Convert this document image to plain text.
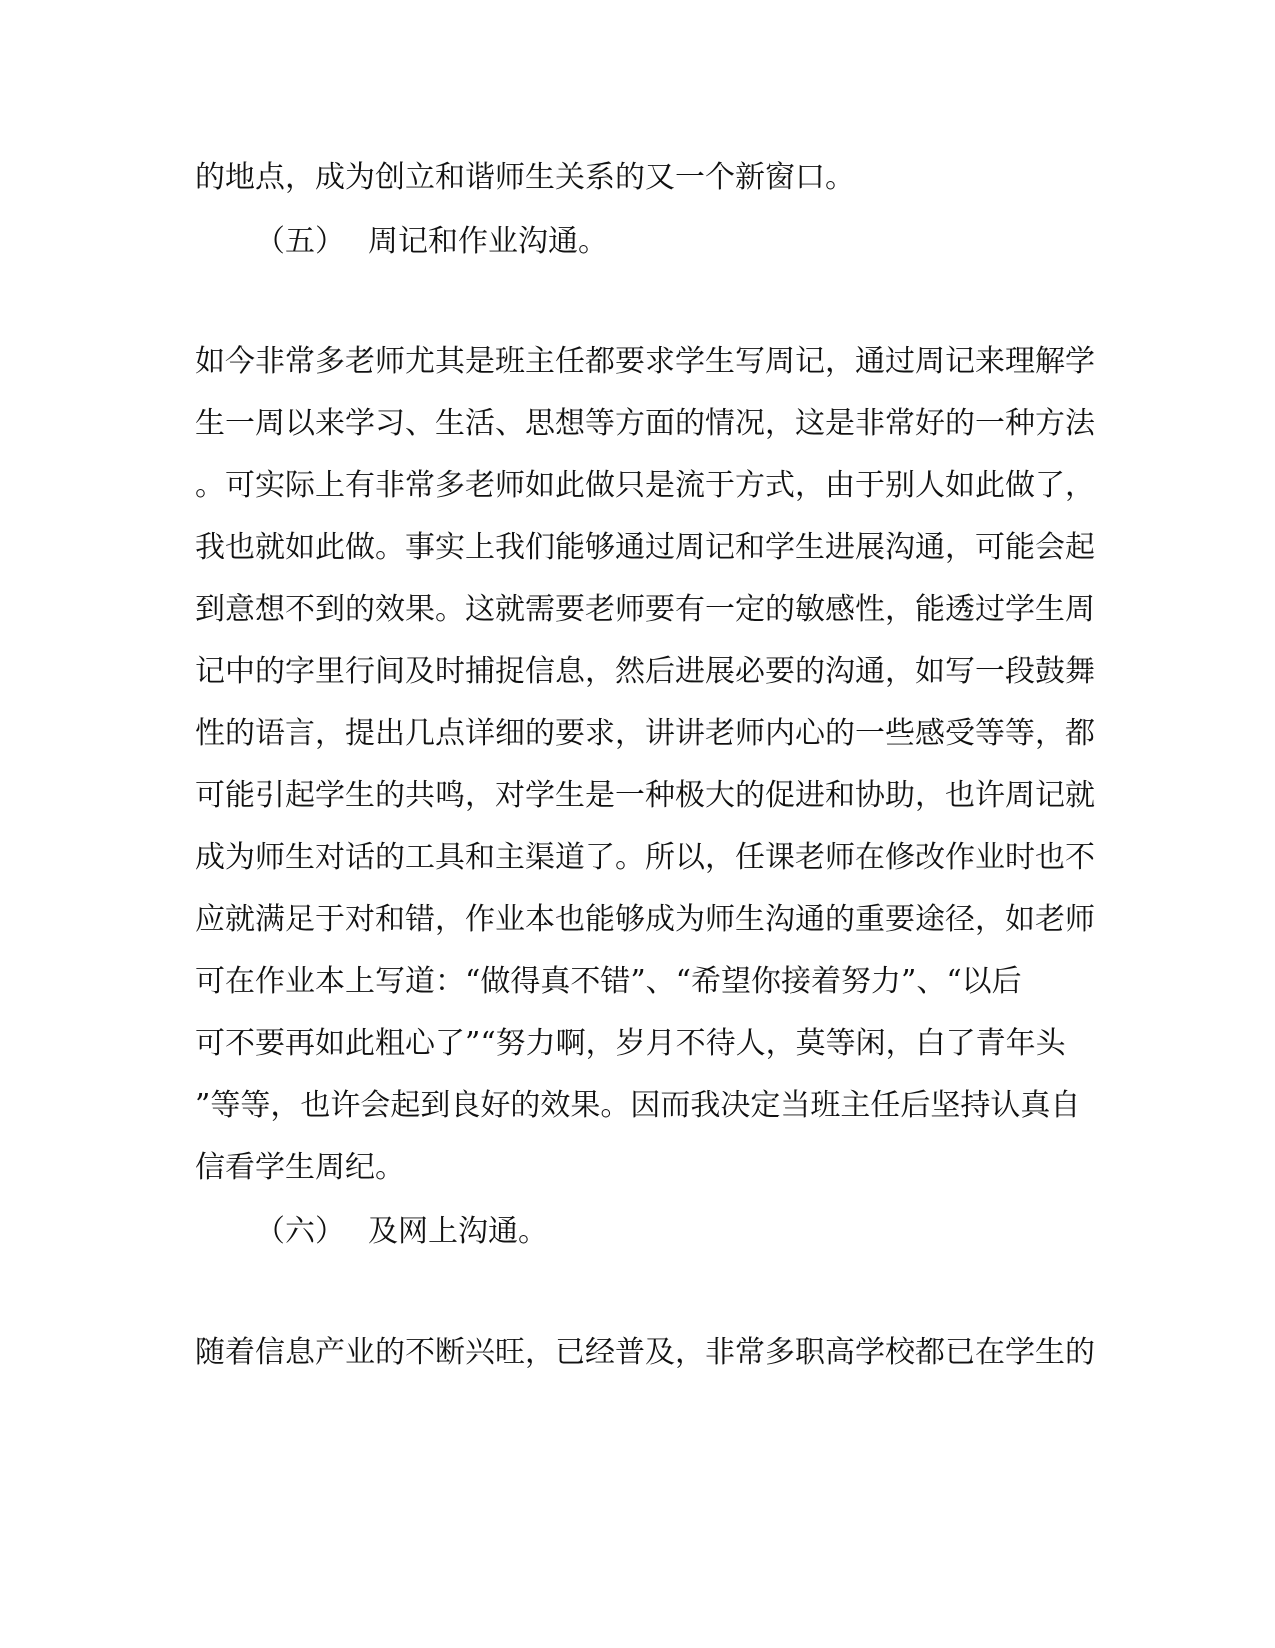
的地点，成为创立和谐师生关系的又一个新窗口。
（五） 周记和作业沟通。
如今非常多老师尤其是班主任都要求学生写周记，通过周记来理解学
生一周以来学习、生活、思想等方面的情况，这是非常好的一种方法
。可实际上有非常多老师如此做只是流于方式，由于别人如此做了，
我也就如此做。事实上我们能够通过周记和学生进展沟通，可能会起
到意想不到的效果。这就需要老师要有一定的敏感性，能透过学生周
记中的字里行间及时捕捉信息，然后进展必要的沟通，如写一段鼓舞
性的语言，提出几点详细的要求，讲讲老师内心的一些感受等等，都
可能引起学生的共鸣，对学生是一种极大的促进和协助，也许周记就
成为师生对话的工具和主渠道了。所以，任课老师在修改作业时也不
应就满足于对和错，作业本也能够成为师生沟通的重要途径，如老师
可在作业本上写道：“做得真不错”、“希望你接着努力”、“以后
可不要再如此粗心了”“努力啊，岁月不待人，莫等闲，白了青年头
”等等，也许会起到良好的效果。因而我决定当班主任后坚持认真自
信看学生周纪。
（六） 及网上沟通。
随着信息产业的不断兴旺，已经普及，非常多职高学校都已在学生的
